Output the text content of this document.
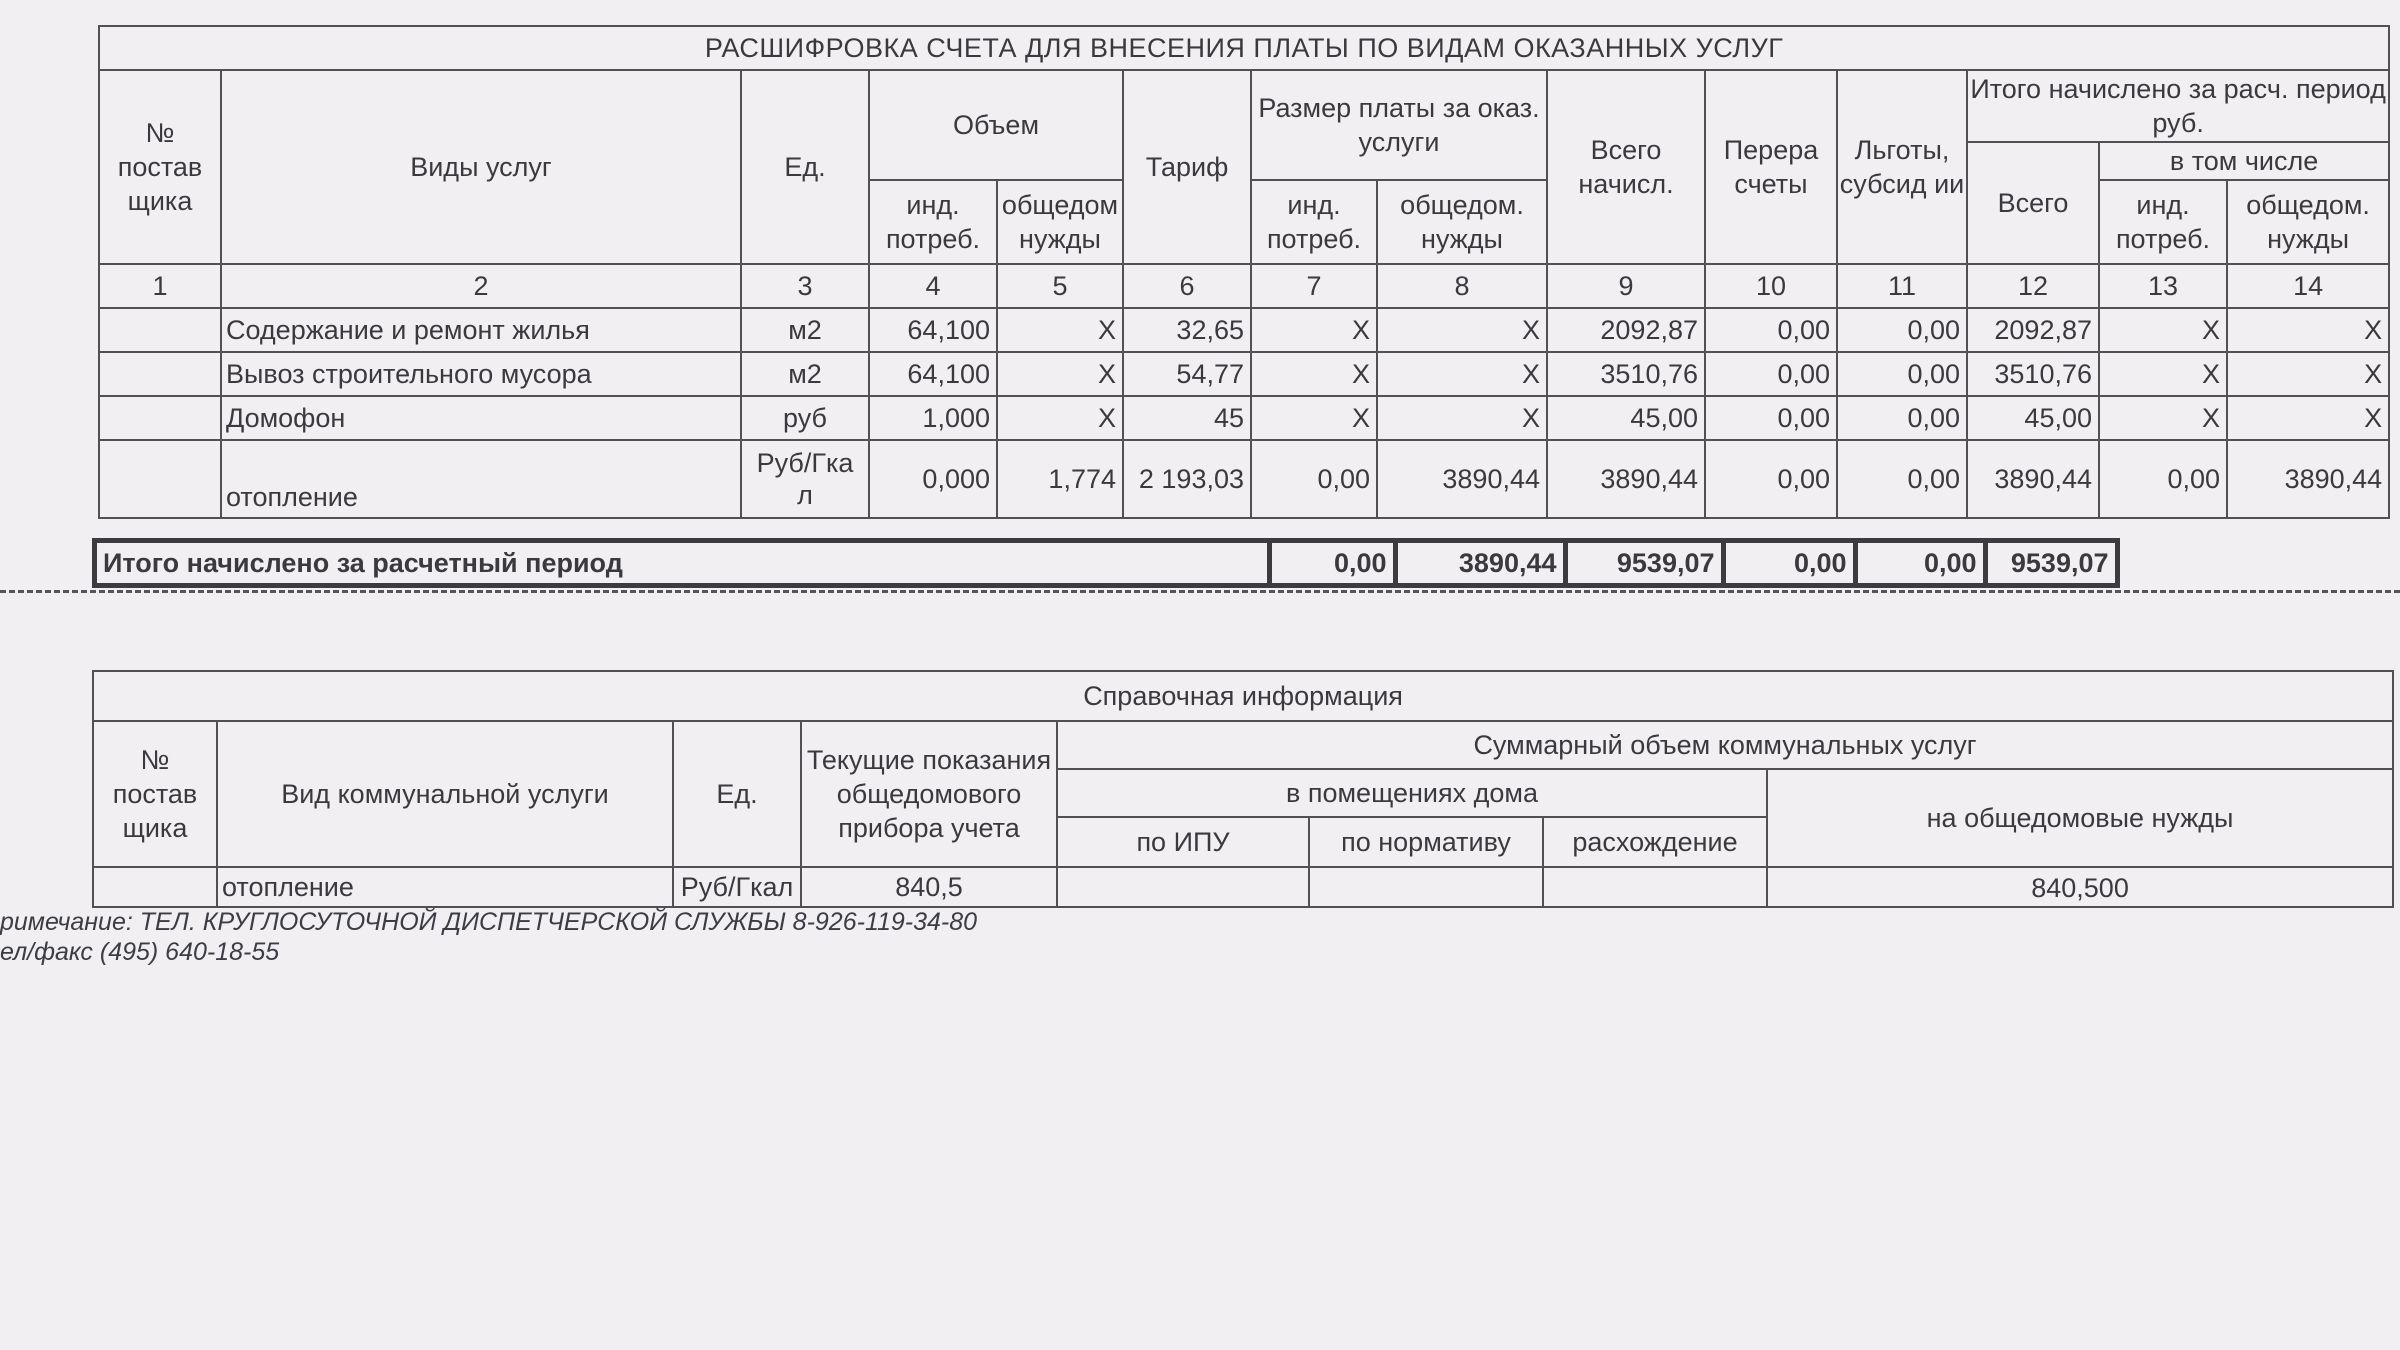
РАСШИФРОВКА СЧЕТА ДЛЯ ВНЕСЕНИЯ ПЛАТЫ ПО ВИДАМ ОКАЗАННЫХ УСЛУГ													
№ постав щика	Виды услуг	Ед.	Объем		Тариф	Размер платы за оказ. услуги		Всего начисл.	Перера счеты	Льготы, субсид ии	Итого начислено за расч. период руб.		
											Всего	в том числе	
			инд. потреб.	общедом нужды		инд. потреб.	общедом. нужды					инд. потреб.	общедом. нужды
1	2	3	4	5	6	7	8	9	10	11	12	13	14
	Содержание и ремонт жилья	м2	64,100	X	32,65	X	X	2092,87	0,00	0,00	2092,87	X	X
	Вывоз строительного мусора	м2	64,100	X	54,77	X	X	3510,76	0,00	0,00	3510,76	X	X
	Домофон	руб	1,000	X	45	X	X	45,00	0,00	0,00	45,00	X	X
	отопление	Руб/Гка л	0,000	1,774	2 193,03	0,00	3890,44	3890,44	0,00	0,00	3890,44	0,00	3890,44
Итого начислено за расчетный период		0,00	3890,44	9539,07	0,00	0,00	9539,07
Справочная информация							
№ постав щика	Вид коммунальной услуги	Ед.	Текущие показания общедомового прибора учета	Суммарный объем коммунальных услуг			
				в помещениях дома			на общедомовые нужды
				по ИПУ	по нормативу	расхождение	
	отопление	Руб/Гкал	840,5				840,500
римечание: ТЕЛ. КРУГЛОСУТОЧНОЙ ДИСПЕТЧЕРСКОЙ СЛУЖБЫ 8-926-119-34-80
ел/факс (495) 640-18-55
